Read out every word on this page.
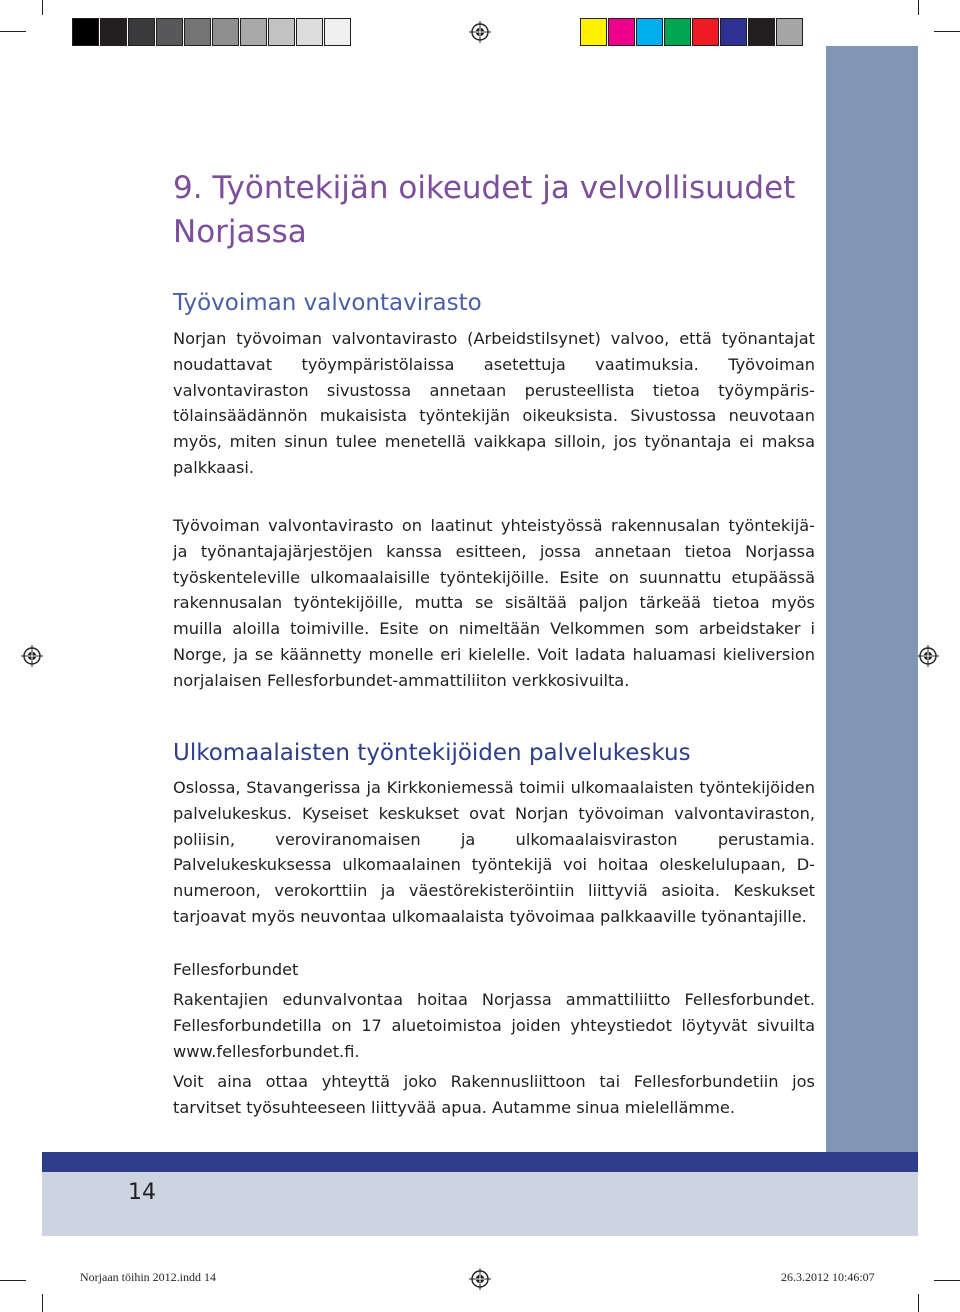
14
9. Työntekijän oikeudet ja velvollisuudet Norjassa
Työvoiman valvontavirasto

Norjan työvoiman valvontavirasto (Arbeidstilsynet) valvoo, että työnantajat noudattavat työympäristölaissa asetettuja vaatimuksia. Työvoiman valvontaviraston sivustossa annetaan perusteellista tietoa työympäristölainsäädännön mukaisista työntekijän oikeuksista. Sivustossa neuvotaan myös, miten sinun tulee menetellä vaikkapa silloin, jos työnantaja ei maksa palkkaasi.

Työvoiman valvontavirasto on laatinut yhteistyössä rakennusalan työntekijä- ja työnantajajärjestöjen kanssa esitteen, jossa annetaan tietoa Norjassa työskenteleville ulkomaalaisille työntekijöille. Esite on suunnattu etupäässä rakennusalan työntekijöille, mutta se sisältää paljon tärkeää tietoa myös muilla aloilla toimiville. Esite on nimeltään Velkommen som arbeidstaker i Norge, ja se käännetty monelle eri kielelle. Voit ladata haluamasi kieliversion norjalaisen Fellesforbundet-ammattiliiton verkkosivuilta.

Ulkomaalaisten työntekijöiden palvelukeskus

Oslossa, Stavangerissa ja Kirkkoniemessä toimii ulkomaalaisten työntekijöiden palvelukeskus. Kyseiset keskukset ovat Norjan työvoiman valvontaviraston, poliisin, veroviranomaisen ja ulkomaalaisviraston perustamia. Palvelukeskuksessa ulkomaalainen työntekijä voi hoitaa oleskelulupaan, D-numeroon, verokorttiin ja väestörekisteröintiin liittyviä asioita. Keskukset tarjoavat myös neuvontaa ulkomaalaista työvoimaa palkkaaville työnantajille.

Fellesforbundet

Rakentajien edunvalvontaa hoitaa Norjassa ammattiliitto Fellesforbundet. Fellesforbundetilla on 17 aluetoimistoa joiden yhteystiedot löytyvät sivuilta www.fellesforbundet.fi.

Voit aina ottaa yhteyttä joko Rakennusliittoon tai Fellesforbundetiin jos tarvitset työsuhteeseen liittyvää apua. Autamme sinua mielellämme.

Norjaan töihin 2012.indd 14	26.3.2012 10:46:07
